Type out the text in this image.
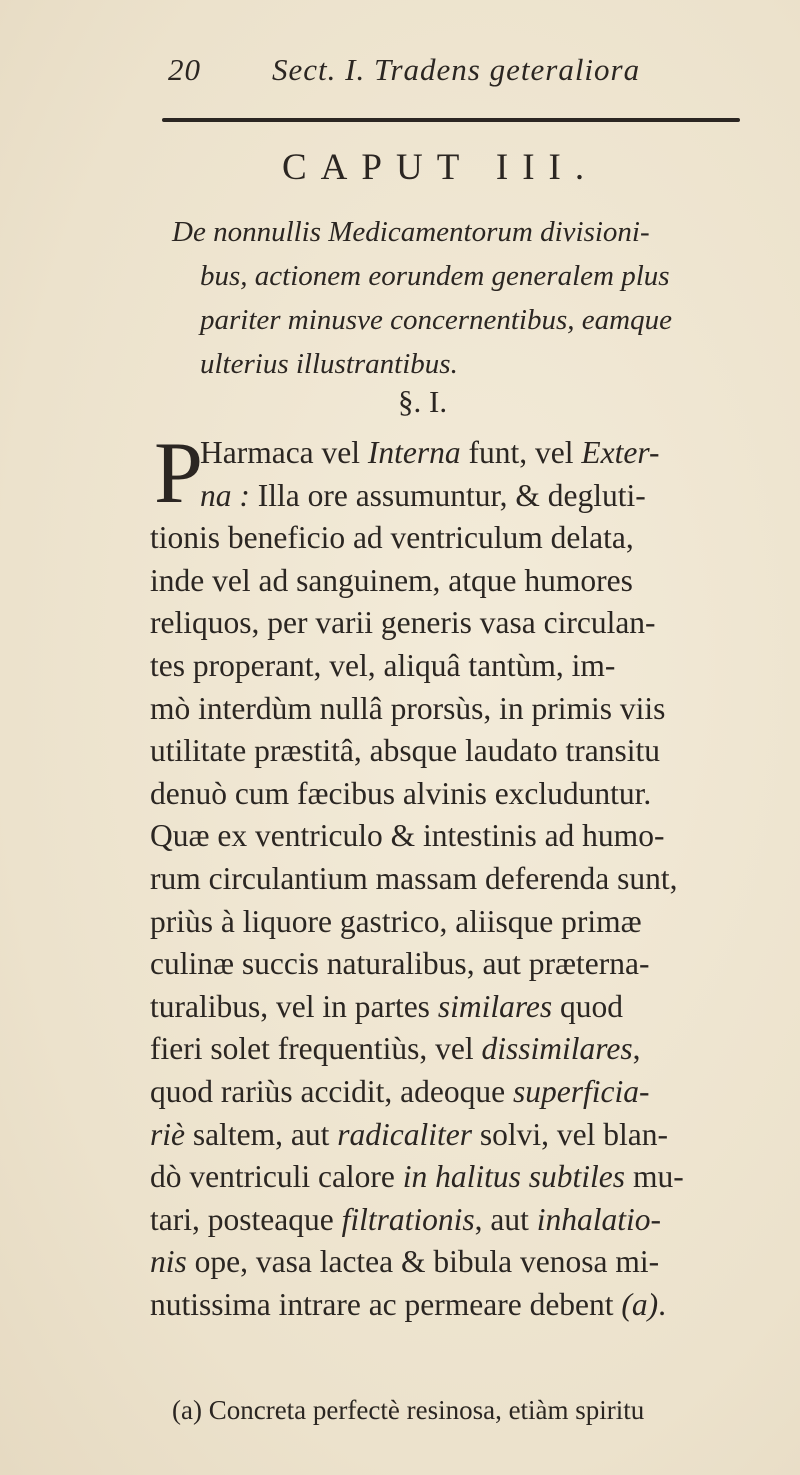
20 Sect. I. Tradens geteraliora
CAPUT III.
De nonnullis Medicamentorum divisioni-
bus, actionem eorundem generalem plus
pariter minusve concernentibus, eamque
ulterius illustrantibus.
§. I.
P
Harmaca vel Interna funt, vel Exter-
na : Illa ore assumuntur, & degluti-
tionis beneficio ad ventriculum delata,
inde vel ad sanguinem, atque humores
reliquos, per varii generis vasa circulan-
tes properant, vel, aliquâ tantùm, im-
mò interdùm nullâ prorsùs, in primis viis
utilitate præstitâ, absque laudato transitu
denuò cum fæcibus alvinis excluduntur.
Quæ ex ventriculo & intestinis ad humo-
rum circulantium massam deferenda sunt,
priùs à liquore gastrico, aliisque primæ
culinæ succis naturalibus, aut præterna-
turalibus, vel in partes similares quod
fieri solet frequentiùs, vel dissimilares,
quod rariùs accidit, adeoque superficia-
riè saltem, aut radicaliter solvi, vel blan-
dò ventriculi calore in halitus subtiles mu-
tari, posteaque filtrationis, aut inhalatio-
nis ope, vasa lactea & bibula venosa mi-
nutissima intrare ac permeare debent (a).
(a) Concreta perfectè resinosa, etiàm spiritu
